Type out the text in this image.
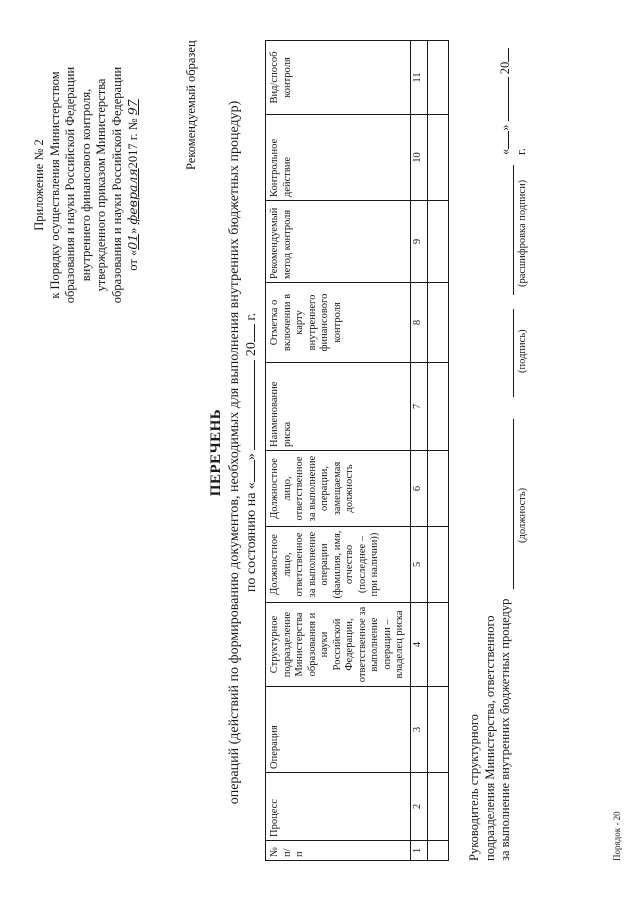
Приложение № 2 к Порядку осуществления Министерством образования и науки Российской Федерации внутреннего финансового контроля, утвержденного приказом Министерства образования и науки Российской Федерации от «01» февраля2017 г. № 97	Рекомендуемый образец
ПЕРЕЧЕНЬ операций (действий по формированию документов, необходимых для выполнения внутренних бюджетных процедур) по состоянию на «»  20 г.
№ п/п	Процесс	Операция	Структурное подразделение Министерства образования и науки Российской Федерации, ответственное за выполнение операции – владелец риска	Должностное лицо, ответственное за выполнение операции (фамилия, имя, отчество (последнее – при наличии))	Должностное лицо, ответственное за выполнение операции, замещаемая должность	Наименование риска	Отметка о включении в карту внутреннего финансового контроля	Рекомендуемый метод контроля	Контрольное действие	Вид/способ контроля
1	2	3	4	5	6	7	8	9	10	11

Руководитель структурного подразделения Министерства, ответственного за выполнение внутренних бюджетных процедур
(должность)
(подпись)
(расшифровка подписи)
«»  20 г.
Порядок - 20
